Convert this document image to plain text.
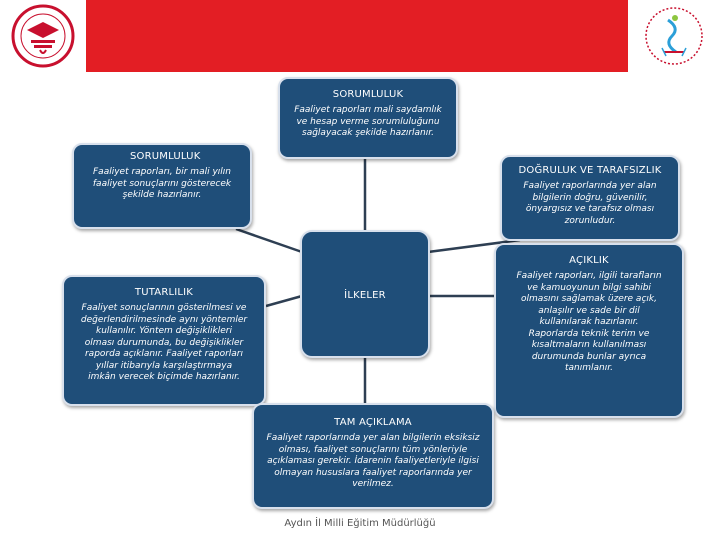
SORUMLULUK
Faaliyet raporları mali saydamlık
ve hesap verme sorumluluğunu
sağlayacak şekilde hazırlanır.
SORUMLULUK
Faaliyet raporları, bir mali yılın
faaliyet sonuçlarını gösterecek
şekilde hazırlanır.
DOĞRULUK VE TARAFSIZLIK
Faaliyet raporlarında yer alan
bilgilerin doğru, güvenilir,
önyargısız ve tarafsız olması
zorunludur.
TUTARLILIK
Faaliyet sonuçlarının gösterilmesi ve
değerlendirilmesinde aynı yöntemler
kullanılır. Yöntem değişiklikleri
olması durumunda, bu değişiklikler
raporda açıklanır. Faaliyet raporları
yıllar itibarıyla karşılaştırmaya
imkân verecek biçimde hazırlanır.
İLKELER
AÇIKLIK
Faaliyet raporları, ilgili tarafların
ve kamuoyunun bilgi sahibi
olmasını sağlamak üzere açık,
anlaşılır ve sade bir dil
kullanılarak hazırlanır.
Raporlarda teknik terim ve
kısaltmaların kullanılması
durumunda bunlar ayrıca
tanımlanır.
TAM AÇIKLAMA
Faaliyet raporlarında yer alan bilgilerin eksiksiz
olması, faaliyet sonuçlarını tüm yönleriyle
açıklaması gerekir. İdarenin faaliyetleriyle ilgisi
olmayan hususlara faaliyet raporlarında yer
verilmez.
Aydın İl Milli Eğitim Müdürlüğü
